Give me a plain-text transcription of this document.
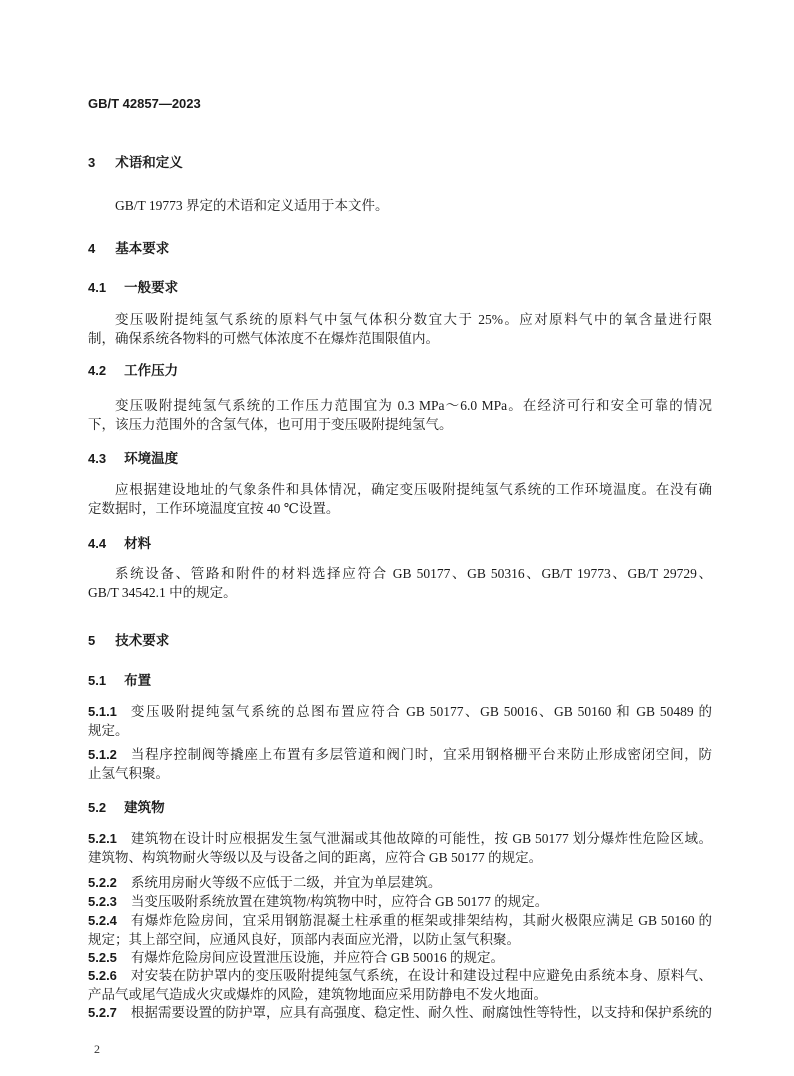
GB/T 42857—2023
3 术语和定义
GB/T 19773 界定的术语和定义适用于本文件。
4 基本要求
4.1 一般要求
变压吸附提纯氢气系统的原料气中氢气体积分数宜大于 25%。应对原料气中的氧含量进行限
制，确保系统各物料的可燃气体浓度不在爆炸范围限值内。
4.2 工作压力
变压吸附提纯氢气系统的工作压力范围宜为 0.3 MPa～6.0 MPa。在经济可行和安全可靠的情况
下，该压力范围外的含氢气体，也可用于变压吸附提纯氢气。
4.3 环境温度
应根据建设地址的气象条件和具体情况，确定变压吸附提纯氢气系统的工作环境温度。在没有确
定数据时，工作环境温度宜按 40 ℃设置。
4.4 材料
系统设备、管路和附件的材料选择应符合 GB 50177、GB 50316、GB/T 19773、GB/T 29729、
GB/T 34542.1 中的规定。
5 技术要求
5.1 布置
5.1.1 变压吸附提纯氢气系统的总图布置应符合 GB 50177、GB 50016、GB 50160 和 GB 50489 的
规定。
5.1.2 当程序控制阀等撬座上布置有多层管道和阀门时，宜采用钢格栅平台来防止形成密闭空间，防
止氢气积聚。
5.2 建筑物
5.2.1 建筑物在设计时应根据发生氢气泄漏或其他故障的可能性，按 GB 50177 划分爆炸性危险区域。
建筑物、构筑物耐火等级以及与设备之间的距离，应符合 GB 50177 的规定。
5.2.2 系统用房耐火等级不应低于二级，并宜为单层建筑。
5.2.3 当变压吸附系统放置在建筑物/构筑物中时，应符合 GB 50177 的规定。
5.2.4 有爆炸危险房间，宜采用钢筋混凝土柱承重的框架或排架结构，其耐火极限应满足 GB 50160 的
规定；其上部空间，应通风良好，顶部内表面应光滑，以防止氢气积聚。
5.2.5 有爆炸危险房间应设置泄压设施，并应符合 GB 50016 的规定。
5.2.6 对安装在防护罩内的变压吸附提纯氢气系统，在设计和建设过程中应避免由系统本身、原料气、
产品气或尾气造成火灾或爆炸的风险，建筑物地面应采用防静电不发火地面。
5.2.7 根据需要设置的防护罩，应具有高强度、稳定性、耐久性、耐腐蚀性等特性，以支持和保护系统的
2
